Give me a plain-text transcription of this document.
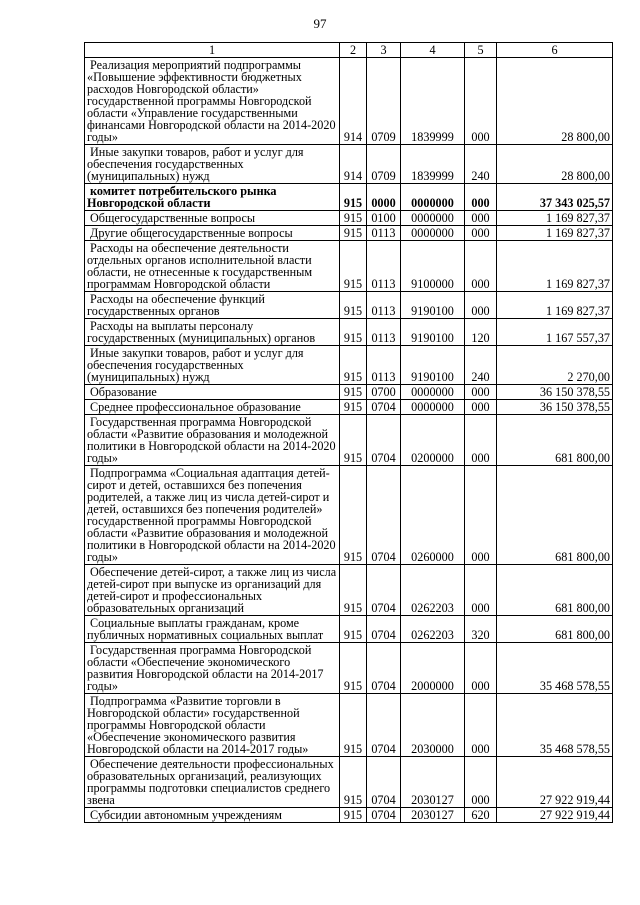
97
1	2	3	4	5	6
Реализация мероприятий подпрограммы «Повышение эффективности бюджетных расходов Новгородской области» государственной программы Новгородской области «Управление государственными финансами Новгородской области на 2014-2020 годы»	914	0709	1839999	000	28 800,00
Иные закупки товаров, работ и услуг для обеспечения государственных (муниципальных) нужд	914	0709	1839999	240	28 800,00
комитет потребительского рынка Новгородской области	915	0000	0000000	000	37 343 025,57
Общегосударственные вопросы	915	0100	0000000	000	1 169 827,37
Другие общегосударственные вопросы	915	0113	0000000	000	1 169 827,37
Расходы на обеспечение деятельности отдельных органов исполнительной власти области, не отнесенные к государственным программам Новгородской области	915	0113	9100000	000	1 169 827,37
Расходы на обеспечение функций государственных органов	915	0113	9190100	000	1 169 827,37
Расходы на выплаты персоналу государственных (муниципальных) органов	915	0113	9190100	120	1 167 557,37
Иные закупки товаров, работ и услуг для обеспечения государственных (муниципальных) нужд	915	0113	9190100	240	2 270,00
Образование	915	0700	0000000	000	36 150 378,55
Среднее профессиональное образование	915	0704	0000000	000	36 150 378,55
Государственная программа Новгородской области «Развитие образования и молодежной политики в Новгородской области на 2014-2020 годы»	915	0704	0200000	000	681 800,00
Подпрограмма «Социальная адаптация детей-сирот и детей, оставшихся без попечения родителей, а также лиц из числа детей-сирот и детей, оставшихся без попечения родителей» государственной программы Новгородской области «Развитие образования и молодежной политики в Новгородской области на 2014-2020 годы»	915	0704	0260000	000	681 800,00
Обеспечение детей-сирот, а также лиц из числа детей-сирот при выпуске из организаций для детей-сирот и профессиональных образовательных организаций	915	0704	0262203	000	681 800,00
Социальные выплаты гражданам, кроме публичных нормативных социальных выплат	915	0704	0262203	320	681 800,00
Государственная программа Новгородской области «Обеспечение экономического развития Новгородской области на 2014-2017 годы»	915	0704	2000000	000	35 468 578,55
Подпрограмма «Развитие торговли в Новгородской области» государственной программы Новгородской области «Обеспечение экономического развития Новгородской области на 2014-2017 годы»	915	0704	2030000	000	35 468 578,55
Обеспечение деятельности профессиональных образовательных организаций, реализующих программы подготовки специалистов среднего звена	915	0704	2030127	000	27 922 919,44
Субсидии автономным учреждениям	915	0704	2030127	620	27 922 919,44
